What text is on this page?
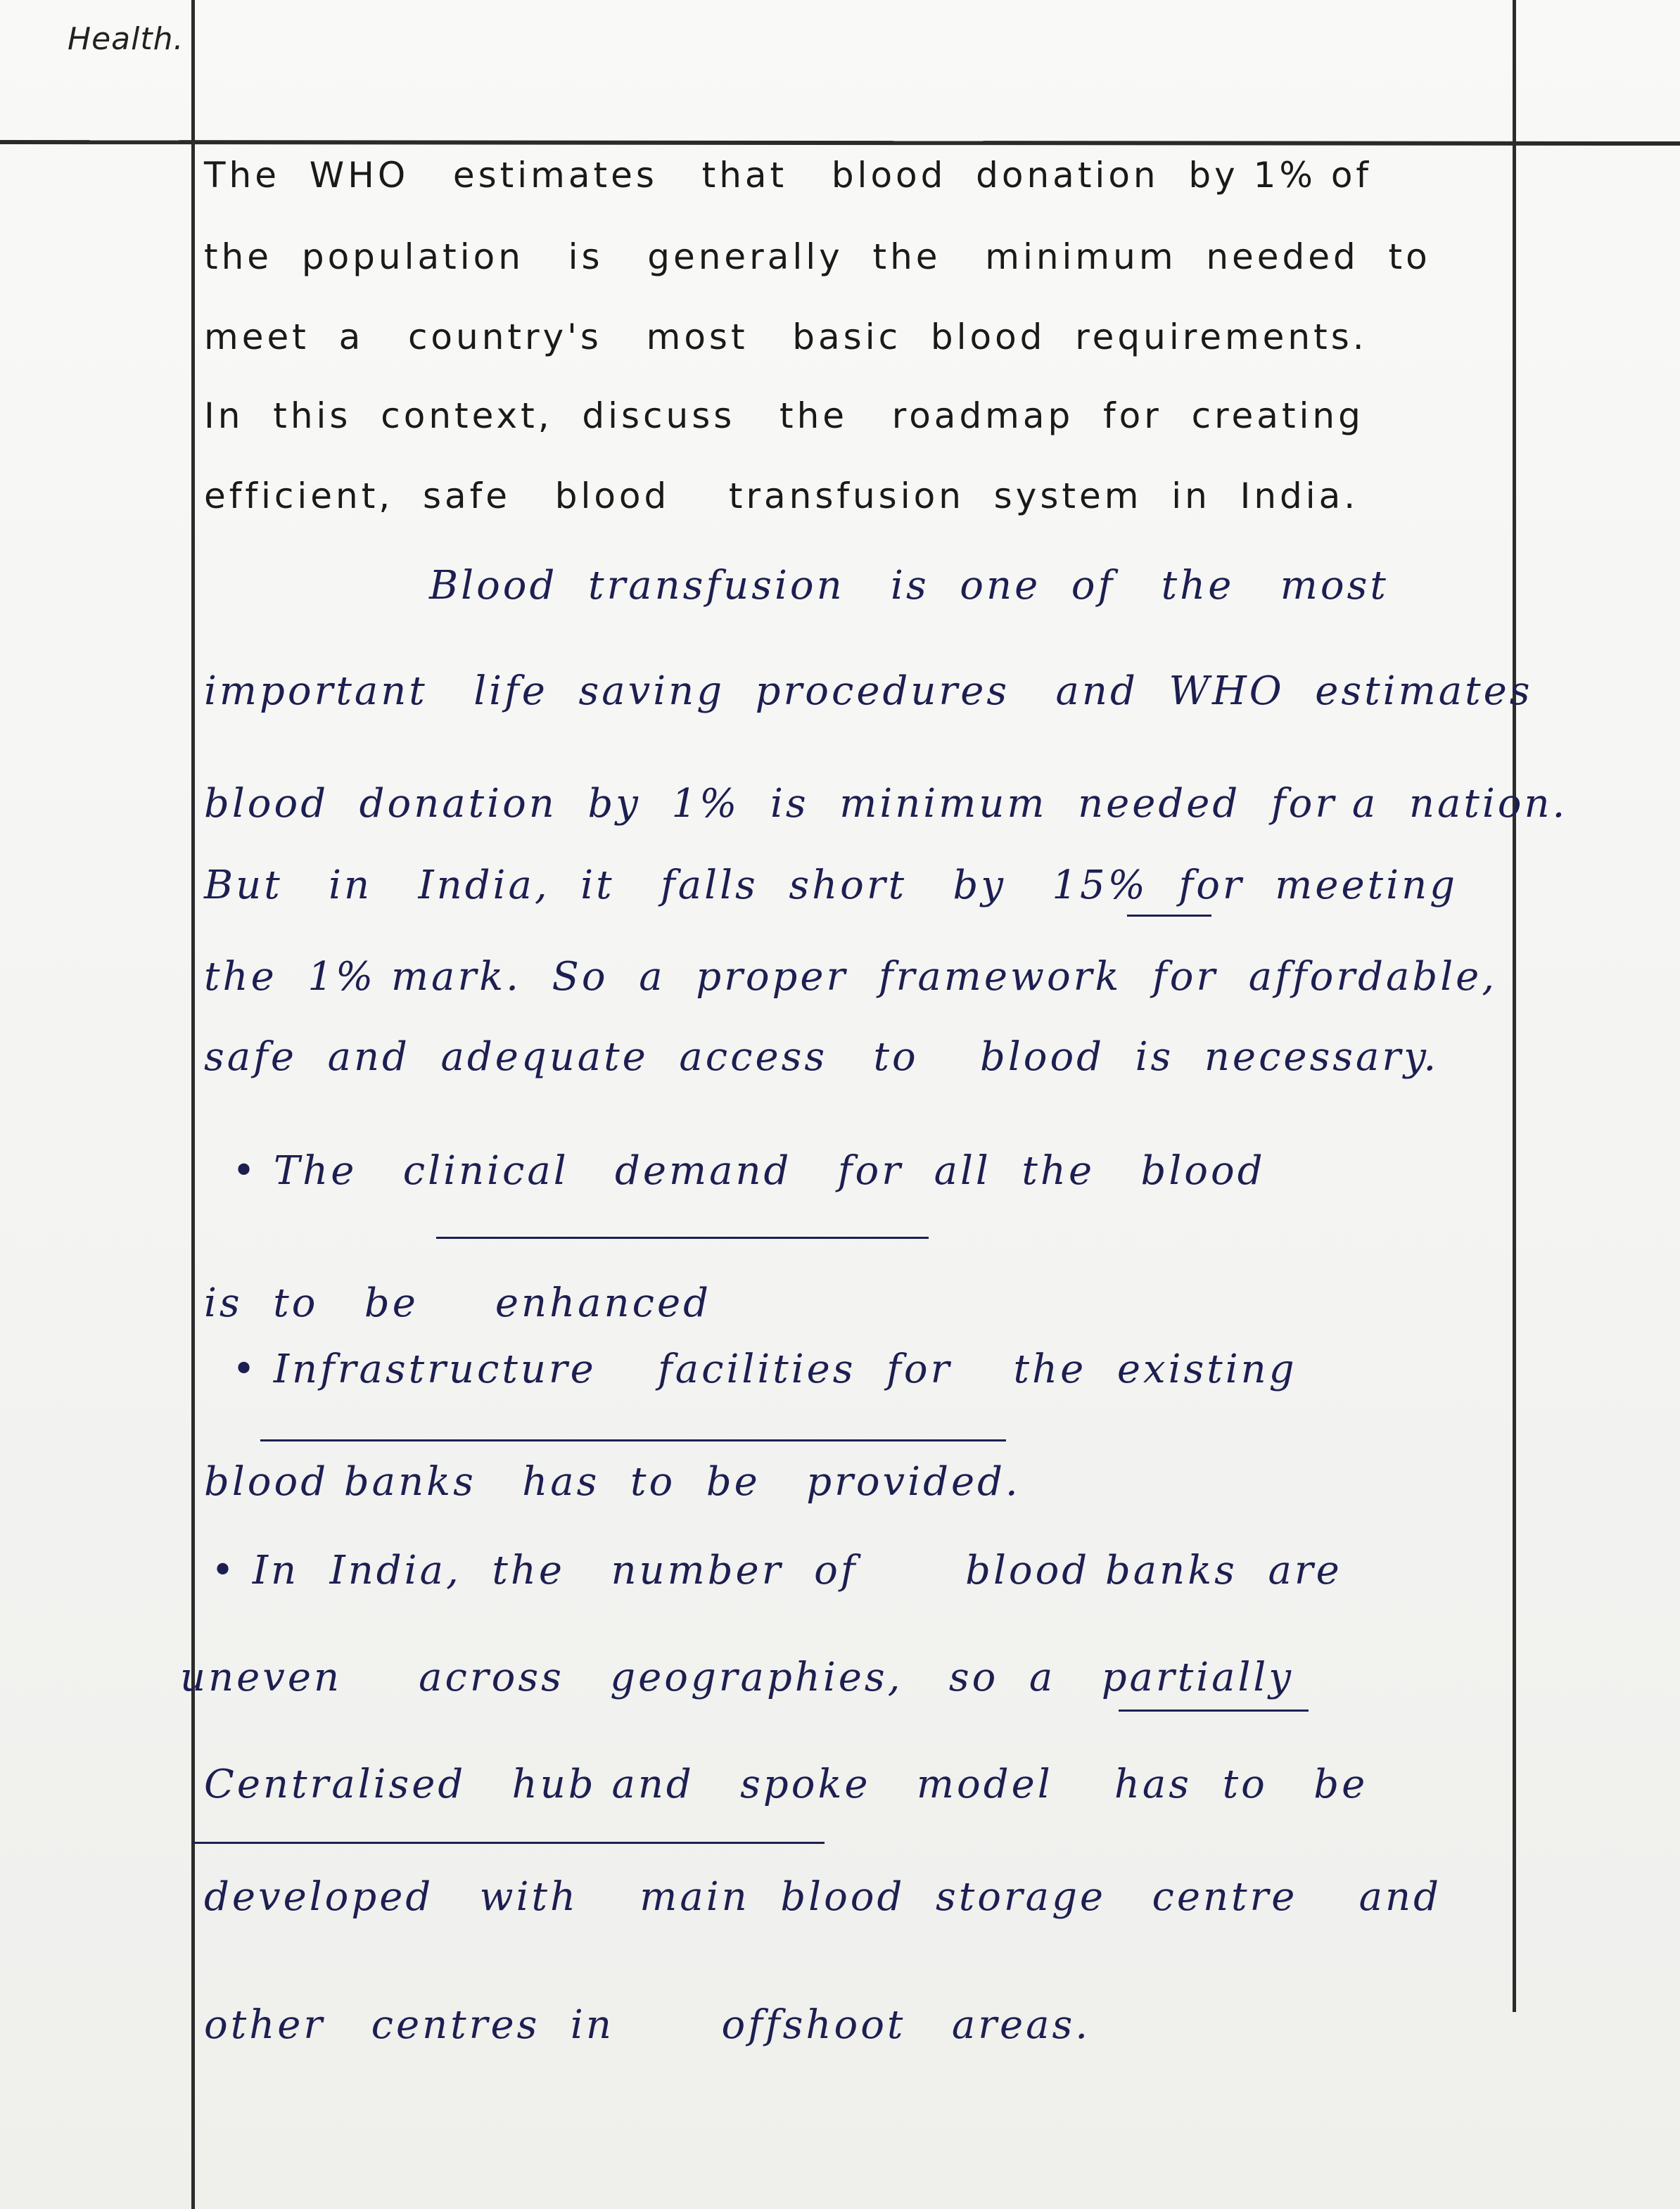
Health.
The  WHO   estimates   that   blood  donation  by 1% of
the  population   is   generally  the   minimum  needed  to
meet  a   country's   most   basic  blood  requirements.
In  this  context,  discuss   the   roadmap  for  creating
efficient,  safe   blood    transfusion  system  in  India.
Blood  transfusion   is  one  of   the   most
important   life  saving  procedures   and  WHO  estimates
blood  donation  by  1%  is  minimum  needed  for a  nation.
But   in   India,  it   falls  short   by   15%  for  meeting
the  1% mark.  So  a  proper  framework  for  affordable,
safe  and  adequate  access   to    blood  is  necessary.
• The   clinical   demand   for  all  the   blood
is  to   be     enhanced
• Infrastructure    facilities  for    the  existing
blood banks   has  to  be   provided.
• In  India,  the   number  of       blood banks  are
uneven     across   geographies,   so  a   partially
Centralised   hub and   spoke   model    has  to   be
developed   with    main  blood  storage   centre    and
other   centres  in       offshoot   areas.
